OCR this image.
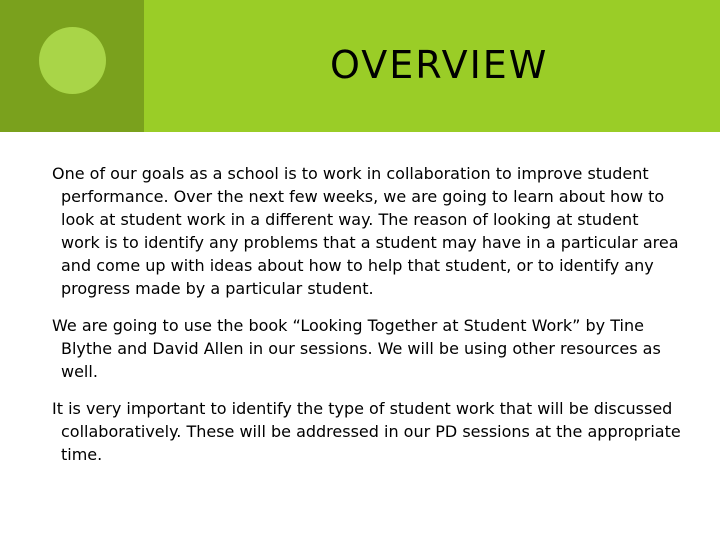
OVERVIEW

One of our goals as a school is to work in collaboration to improve student performance. Over the next few weeks, we are going to learn about how to look at student work in a different way. The reason of looking at student work is to identify any problems that a student may have in a particular area and come up with ideas about how to help that student, or to identify any progress made by a particular student.

We are going to use the book “Looking Together at Student Work” by Tine Blythe and David Allen in our sessions. We will be using other resources as well.

It is very important to identify the type of student work that will be discussed collaboratively. These will be addressed in our PD sessions at the appropriate time.
